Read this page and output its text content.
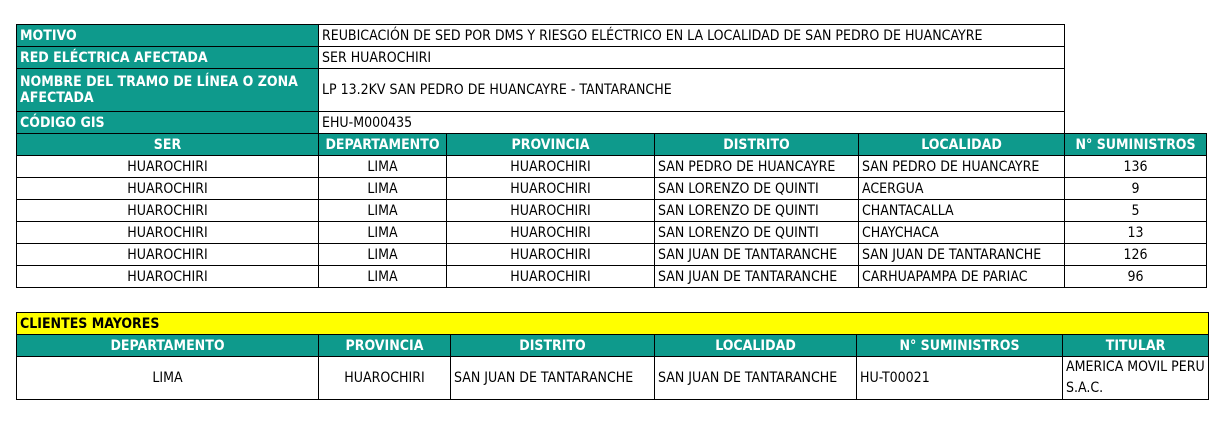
MOTIVO	REUBICACIÓN DE SED POR DMS Y RIESGO ELÉCTRICO EN LA LOCALIDAD DE SAN PEDRO DE HUANCAYRE				
RED ELÉCTRICA AFECTADA	SER HUAROCHIRI				
NOMBRE DEL TRAMO DE LÍNEA O ZONA AFECTADA	LP 13.2KV SAN PEDRO DE HUANCAYRE - TANTARANCHE				
CÓDIGO GIS	EHU-M000435				
SER	DEPARTAMENTO	PROVINCIA	DISTRITO	LOCALIDAD	N° SUMINISTROS
HUAROCHIRI	LIMA	HUAROCHIRI	SAN PEDRO DE HUANCAYRE	SAN PEDRO DE HUANCAYRE	136
HUAROCHIRI	LIMA	HUAROCHIRI	SAN LORENZO DE QUINTI	ACERGUA	9
HUAROCHIRI	LIMA	HUAROCHIRI	SAN LORENZO DE QUINTI	CHANTACALLA	5
HUAROCHIRI	LIMA	HUAROCHIRI	SAN LORENZO DE QUINTI	CHAYCHACA	13
HUAROCHIRI	LIMA	HUAROCHIRI	SAN JUAN DE TANTARANCHE	SAN JUAN DE TANTARANCHE	126
HUAROCHIRI	LIMA	HUAROCHIRI	SAN JUAN DE TANTARANCHE	CARHUAPAMPA DE PARIAC	96
CLIENTES MAYORES					
DEPARTAMENTO	PROVINCIA	DISTRITO	LOCALIDAD	N° SUMINISTROS	TITULAR
LIMA	HUAROCHIRI	SAN JUAN DE TANTARANCHE	SAN JUAN DE TANTARANCHE	HU-T00021	AMERICA MOVIL PERU S.A.C.
